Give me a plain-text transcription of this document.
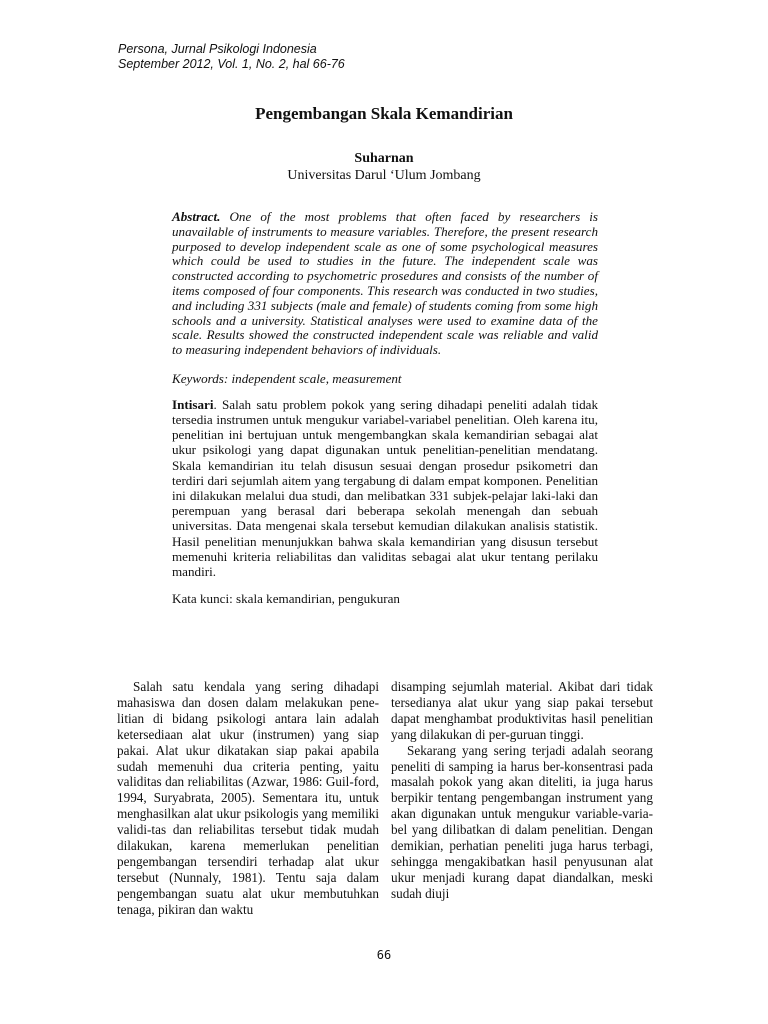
Persona, Jurnal Psikologi Indonesia
September 2012, Vol. 1, No. 2, hal 66-76
Pengembangan Skala Kemandirian
Suharnan
Universitas Darul ‘Ulum Jombang
Abstract. One of the most problems that often faced by researchers is unavailable of instruments to measure variables. Therefore, the present research purposed to develop independent scale as one of some psychological measures which could be used to studies in the future. The independent scale was constructed according to psychometric prosedures and consists of the number of items composed of four components. This research was conducted in two studies, and including 331 subjects (male and female) of students coming from some high schools and a university. Statistical analyses were used to examine data of the scale. Results showed the constructed independent scale was reliable and valid to measuring independent behaviors of individuals.
Keywords: independent scale, measurement
Intisari. Salah satu problem pokok yang sering dihadapi peneliti adalah tidak tersedia instrumen untuk mengukur variabel-variabel penelitian. Oleh karena itu, penelitian ini bertujuan untuk mengembangkan skala kemandirian sebagai alat ukur psikologi yang dapat digunakan untuk penelitian-penelitian mendatang. Skala kemandirian itu telah disusun sesuai dengan prosedur psikometri dan terdiri dari sejumlah aitem yang tergabung di dalam empat komponen. Penelitian ini dilakukan melalui dua studi, dan melibatkan 331 subjek-pelajar laki-laki dan perempuan yang berasal dari beberapa sekolah menengah dan sebuah universitas. Data mengenai skala tersebut kemudian dilakukan analisis statistik. Hasil penelitian menunjukkan bahwa skala kemandirian yang disusun tersebut memenuhi kriteria reliabilitas dan validitas sebagai alat ukur tentang perilaku mandiri.
Kata kunci: skala kemandirian, pengukuran

Salah satu kendala yang sering dihadapi mahasiswa dan dosen dalam melakukan pene-litian di bidang psikologi antara lain adalah ketersediaan alat ukur (instrumen) yang siap pakai. Alat ukur dikatakan siap pakai apabila sudah memenuhi dua criteria penting, yaitu validitas dan reliabilitas (Azwar, 1986: Guil-ford, 1994, Suryabrata, 2005). Sementara itu, untuk menghasilkan alat ukur psikologis yang memiliki validi-tas dan reliabilitas tersebut tidak mudah dilakukan, karena memerlukan penelitian pengembangan tersendiri terhadap alat ukur tersebut (Nunnaly, 1981). Tentu saja dalam pengembangan suatu alat ukur membutuhkan tenaga, pikiran dan waktu

disamping sejumlah material. Akibat dari tidak tersedianya alat ukur yang siap pakai tersebut dapat menghambat produktivitas hasil penelitian yang dilakukan di per-guruan tinggi.

Sekarang yang sering terjadi adalah seorang peneliti di samping ia harus ber-konsentrasi pada masalah pokok yang akan diteliti, ia juga harus berpikir tentang pengembangan instrument yang akan digunakan untuk mengukur variable-varia-bel yang dilibatkan di dalam penelitian. Dengan demikian, perhatian peneliti juga harus terbagi, sehingga mengakibatkan hasil penyusunan alat ukur menjadi kurang dapat diandalkan, meski sudah diuji

66
